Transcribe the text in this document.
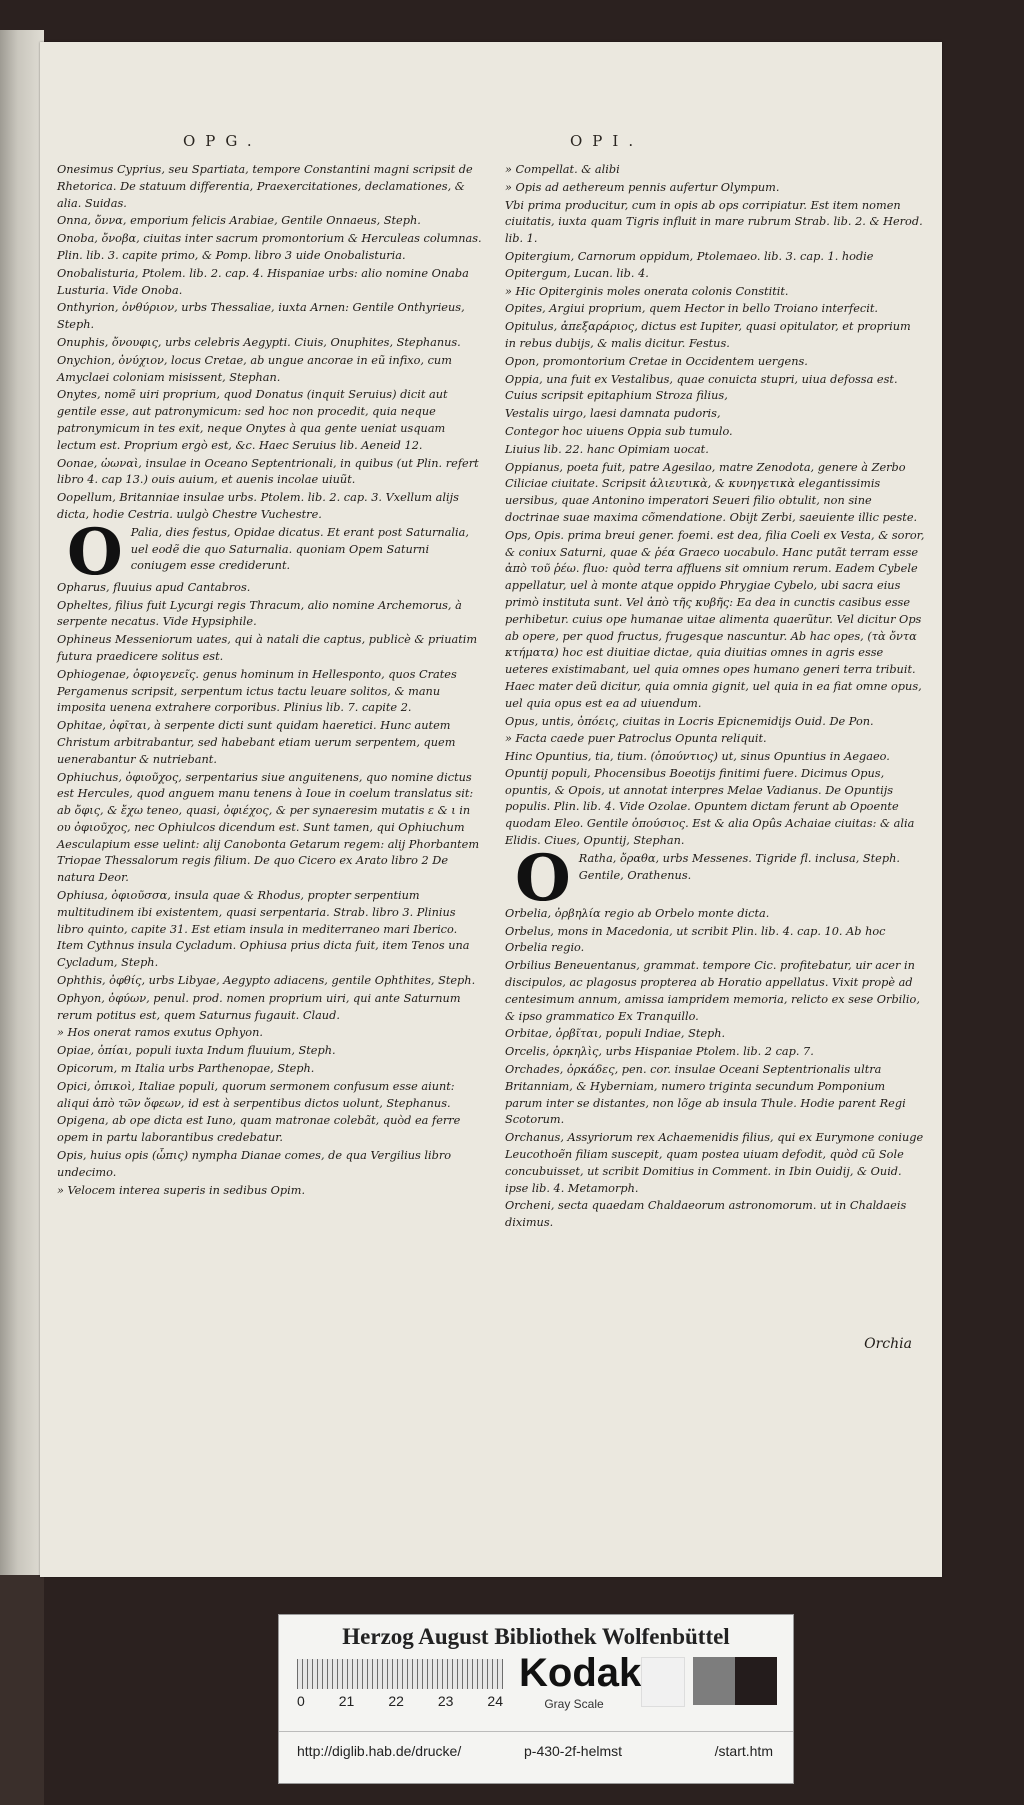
OPG.	OPI.
Onesimus Cyprius, seu Spartiata, tempore Constantini magni scripsit de Rhetorica. De statuum differentia, Praexercitationes, declamationes, & alia. Suidas.
Onna, ὄννα, emporium felicis Arabiae, Gentile Onnaeus, Steph.
Onoba, ὄνοβα, ciuitas inter sacrum promontorium & Herculeas columnas. Plin. lib. 3. capite primo, & Pomp. libro 3 uide Onobalisturia.
Onobalisturia, Ptolem. lib. 2. cap. 4. Hispaniae urbs: alio nomine Onaba Lusturia. Vide Onoba.
Onthyrion, ὀνθύριον, urbs Thessaliae, iuxta Arnen: Gentile Onthyrieus, Steph.
Onuphis, ὄνουφις, urbs celebris Aegypti. Ciuis, Onuphites, Stephanus.
Onychion, ὀνύχιον, locus Cretae, ab ungue ancorae in eũ infixo, cum Amyclaei coloniam misissent, Stephan.
Onytes, nomẽ uiri proprium, quod Donatus (inquit Seruius) dicit aut gentile esse, aut patronymicum: sed hoc non procedit, quia neque patronymicum in tes exit, neque Onytes à qua gente ueniat usquam lectum est. Proprium ergò est, &c. Haec Seruius lib. Aeneid 12.
Oonae, ὠωναὶ, insulae in Oceano Septentrionali, in quibus (ut Plin. refert libro 4. cap 13.) ouis auium, et auenis incolae uiuũt.
Oopellum, Britanniae insulae urbs. Ptolem. lib. 2. cap. 3. Vxellum alijs dicta, hodie Cestria. uulgò Chestre Vuchestre.
O Palia, dies festus, Opidae dicatus. Et erant post Saturnalia, uel eodẽ die quo Saturnalia. quoniam Opem Saturni coniugem esse crediderunt.
Opharus, fluuius apud Cantabros.
Opheltes, filius fuit Lycurgi regis Thracum, alio nomine Archemorus, à serpente necatus. Vide Hypsiphile.
Ophineus Messeniorum uates, qui à natali die captus, publicè & priuatim futura praedicere solitus est.
Ophiogenae, ὀφιογενεῖς. genus hominum in Hellesponto, quos Crates Pergamenus scripsit, serpentum ictus tactu leuare solitos, & manu imposita uenena extrahere corporibus. Plinius lib. 7. capite 2.
Ophitae, ὀφῖται, à serpente dicti sunt quidam haeretici. Hunc autem Christum arbitrabantur, sed habebant etiam uerum serpentem, quem uenerabantur & nutriebant.
Ophiuchus, ὀφιοῦχος, serpentarius siue anguitenens, quo nomine dictus est Hercules, quod anguem manu tenens à Ioue in coelum translatus sit: ab ὄφις, & ἔχω teneo, quasi, ὀφιέχος, & per synaeresim mutatis ε & ι in ου ὀφιοῦχος, nec Ophiulcos dicendum est. Sunt tamen, qui Ophiuchum Aesculapium esse uelint: alij Canobonta Getarum regem: alij Phorbantem Triopae Thessalorum regis filium. De quo Cicero ex Arato libro 2 De natura Deor.
Ophiusa, ὀφιοῦσσα, insula quae & Rhodus, propter serpentium multitudinem ibi existentem, quasi serpentaria. Strab. libro 3. Plinius libro quinto, capite 31. Est etiam insula in mediterraneo mari Iberico. Item Cythnus insula Cycladum. Ophiusa prius dicta fuit, item Tenos una Cycladum, Steph.
Ophthis, ὀφθίς, urbs Libyae, Aegypto adiacens, gentile Ophthites, Steph.
Ophyon, ὀφύων, penul. prod. nomen proprium uiri, qui ante Saturnum rerum potitus est, quem Saturnus fugauit. Claud.
» Hos onerat ramos exutus Ophyon.
Opiae, ὀπίαι, populi iuxta Indum fluuium, Steph.
Opicorum, m Italia urbs Parthenopae, Steph.
Opici, ὀπικοὶ, Italiae populi, quorum sermonem confusum esse aiunt: aliqui ἀπὸ τῶν ὄφεων, id est à serpentibus dictos uolunt, Stephanus.
Opigena, ab ope dicta est Iuno, quam matronae colebãt, quòd ea ferre opem in partu laborantibus credebatur.
Opis, huius opis (ὦπις) nympha Dianae comes, de qua Vergilius libro undecimo.
» Velocem interea superis in sedibus Opim.
» Compellat. & alibi
» Opis ad aethereum pennis aufertur Olympum.
Vbi prima producitur, cum in opis ab ops corripiatur. Est item nomen ciuitatis, iuxta quam Tigris influit in mare rubrum Strab. lib. 2. & Herod. lib. 1.
Opitergium, Carnorum oppidum, Ptolemaeo. lib. 3. cap. 1. hodie Opitergum, Lucan. lib. 4.
» Hic Opiterginis moles onerata colonis Constitit.
Opites, Argiui proprium, quem Hector in bello Troiano interfecit.
Opitulus, ἀπεξαράριος, dictus est Iupiter, quasi opitulator, et proprium in rebus dubijs, & malis dicitur. Festus.
Opon, promontorium Cretae in Occidentem uergens.
Oppia, una fuit ex Vestalibus, quae conuicta stupri, uiua defossa est. Cuius scripsit epitaphium Stroza filius,
Vestalis uirgo, laesi damnata pudoris,
Contegor hoc uiuens Oppia sub tumulo.
Liuius lib. 22. hanc Opimiam uocat.
Oppianus, poeta fuit, patre Agesilao, matre Zenodota, genere à Zerbo Ciliciae ciuitate. Scripsit ἁλιευτικὰ, & κυνηγετικὰ elegantissimis uersibus, quae Antonino imperatori Seueri filio obtulit, non sine doctrinae suae maxima cõmendatione. Obijt Zerbi, saeuiente illic peste.
Ops, Opis. prima breui gener. foemi. est dea, filia Coeli ex Vesta, & soror, & coniux Saturni, quae & ῥέα Graeco uocabulo. Hanc putãt terram esse ἀπὸ τοῦ ῥέω. fluo: quòd terra affluens sit omnium rerum. Eadem Cybele appellatur, uel à monte atque oppido Phrygiae Cybelo, ubi sacra eius primò instituta sunt. Vel ἀπὸ τῆς κυβῆς: Ea dea in cunctis casibus esse perhibetur. cuius ope humanae uitae alimenta quaerũtur. Vel dicitur Ops ab opere, per quod fructus, frugesque nascuntur. Ab hac opes, (τὰ ὄντα κτήματα) hoc est diuitiae dictae, quia diuitias omnes in agris esse ueteres existimabant, uel quia omnes opes humano generi terra tribuit. Haec mater deũ dicitur, quia omnia gignit, uel quia in ea fiat omne opus, uel quia opus est ea ad uiuendum.
Opus, untis, ὀπόεις, ciuitas in Locris Epicnemidijs Ouid. De Pon.
» Facta caede puer Patroclus Opunta reliquit.
Hinc Opuntius, tia, tium. (ὀπούντιος) ut, sinus Opuntius in Aegaeo. Opuntij populi, Phocensibus Boeotijs finitimi fuere. Dicimus Opus, opuntis, & Opois, ut annotat interpres Melae Vadianus. De Opuntijs populis. Plin. lib. 4. Vide Ozolae. Opuntem dictam ferunt ab Opoente quodam Eleo. Gentile ὀπούσιος. Est & alia Opûs Achaiae ciuitas: & alia Elidis. Ciues, Opuntij, Stephan.
O Ratha, ὄραθα, urbs Messenes. Tigride fl. inclusa, Steph. Gentile, Orathenus.
Orbelia, ὀρβηλία regio ab Orbelo monte dicta.
Orbelus, mons in Macedonia, ut scribit Plin. lib. 4. cap. 10. Ab hoc Orbelia regio.
Orbilius Beneuentanus, grammat. tempore Cic. profitebatur, uir acer in discipulos, ac plagosus propterea ab Horatio appellatus. Vixit propè ad centesimum annum, amissa iampridem memoria, relicto ex sese Orbilio, & ipso grammatico Ex Tranquillo.
Orbitae, ὀρβῖται, populi Indiae, Steph.
Orcelis, ὀρκηλὶς, urbs Hispaniae Ptolem. lib. 2 cap. 7.
Orchades, ὀρκάδες, pen. cor. insulae Oceani Septentrionalis ultra Britanniam, & Hyberniam, numero triginta secundum Pomponium parum inter se distantes, non lõge ab insula Thule. Hodie parent Regi Scotorum.
Orchanus, Assyriorum rex Achaemenidis filius, qui ex Eurymone coniuge Leucothoẽn filiam suscepit, quam postea uiuam defodit, quòd cũ Sole concubuisset, ut scribit Domitius in Comment. in Ibin Ouidij, & Ouid. ipse lib. 4. Metamorph.
Orcheni, secta quaedam Chaldaeorum astronomorum. ut in Chaldaeis diximus.
Orchia
Herzog August Bibliothek Wolfenbüttel
0 21 22 23 24
Kodak
Gray Scale
http://diglib.hab.de/drucke/	p-430-2f-helmst	/start.htm
